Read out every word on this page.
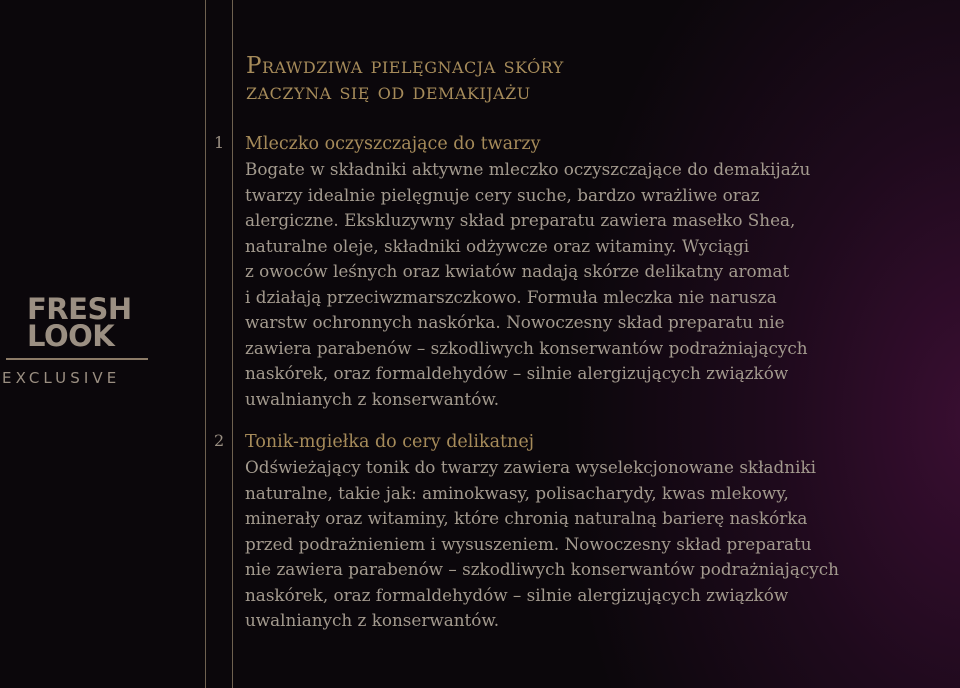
FRESH
LOOK
EXCLUSIVE
Prawdziwa pielęgnacja skóry
zaczyna się od demakijażu
1 Mleczko oczyszczające do twarzy
Bogate w składniki aktywne mleczko oczyszczające do demakijażu
twarzy idealnie pielęgnuje cery suche, bardzo wrażliwe oraz
alergiczne. Ekskluzywny skład preparatu zawiera masełko Shea,
naturalne oleje, składniki odżywcze oraz witaminy. Wyciągi
z owoców leśnych oraz kwiatów nadają skórze delikatny aromat
i działają przeciwzmarszczkowo. Formuła mleczka nie narusza
warstw ochronnych naskórka. Nowoczesny skład preparatu nie
zawiera parabenów – szkodliwych konserwantów podrażniających
naskórek, oraz formaldehydów – silnie alergizujących związków
uwalnianych z konserwantów.
2 Tonik-mgiełka do cery delikatnej
Odświeżający tonik do twarzy zawiera wyselekcjonowane składniki
naturalne, takie jak: aminokwasy, polisacharydy, kwas mlekowy,
minerały oraz witaminy, które chronią naturalną barierę naskórka
przed podrażnieniem i wysuszeniem. Nowoczesny skład preparatu
nie zawiera parabenów – szkodliwych konserwantów podrażniających
naskórek, oraz formaldehydów – silnie alergizujących związków
uwalnianych z konserwantów.
